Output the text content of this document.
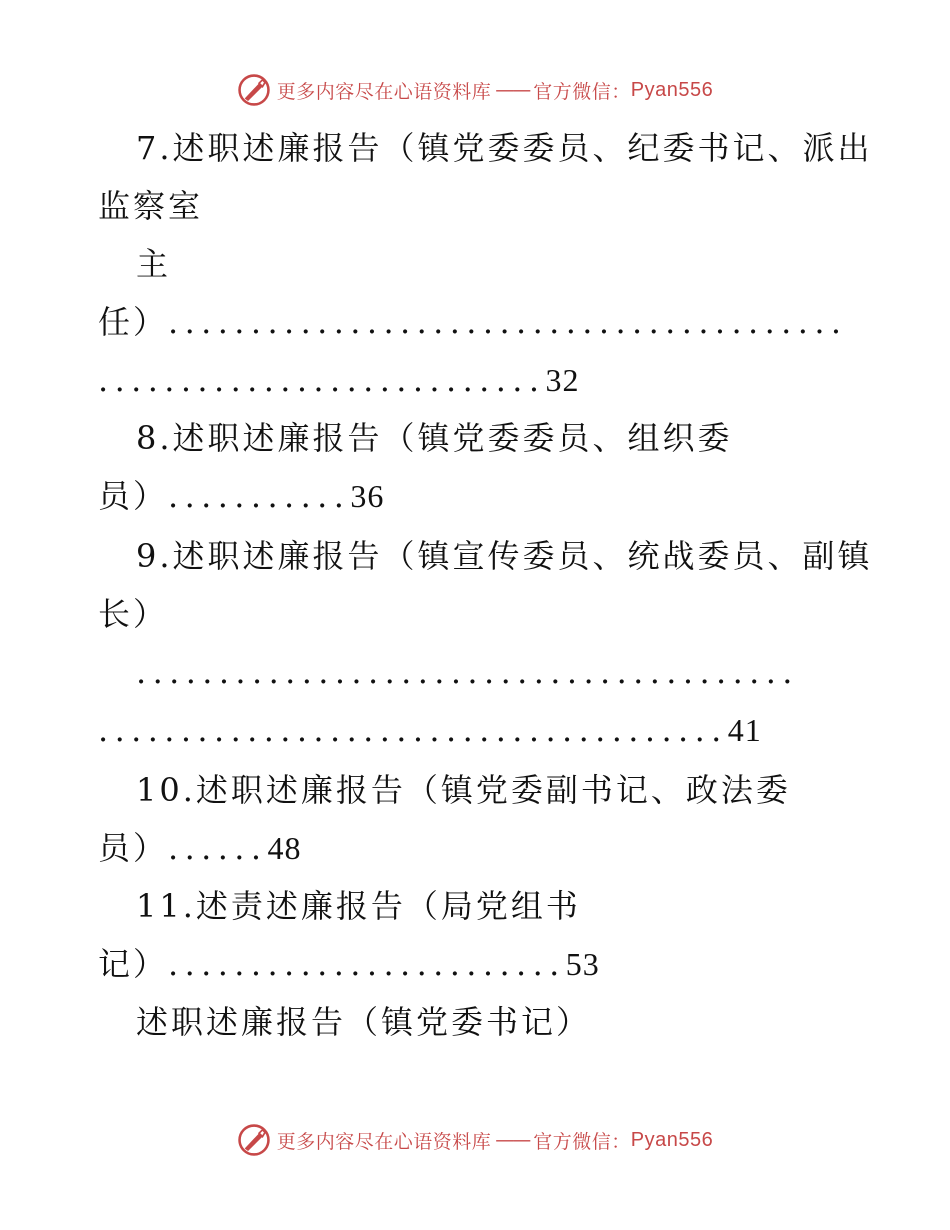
更多内容尽在心语资料库 —— 官方微信： Pyan556
7.述职述廉报告（镇党委委员、纪委书记、派出
监察室
主
任）.........................................
...........................32
8.述职述廉报告（镇党委委员、组织委
员）...........36
9.述职述廉报告（镇宣传委员、统战委员、副镇
长）
........................................
......................................41
10.述职述廉报告（镇党委副书记、政法委
员）......48
11.述责述廉报告（局党组书
记）........................53
述职述廉报告（镇党委书记）
更多内容尽在心语资料库 —— 官方微信： Pyan556
